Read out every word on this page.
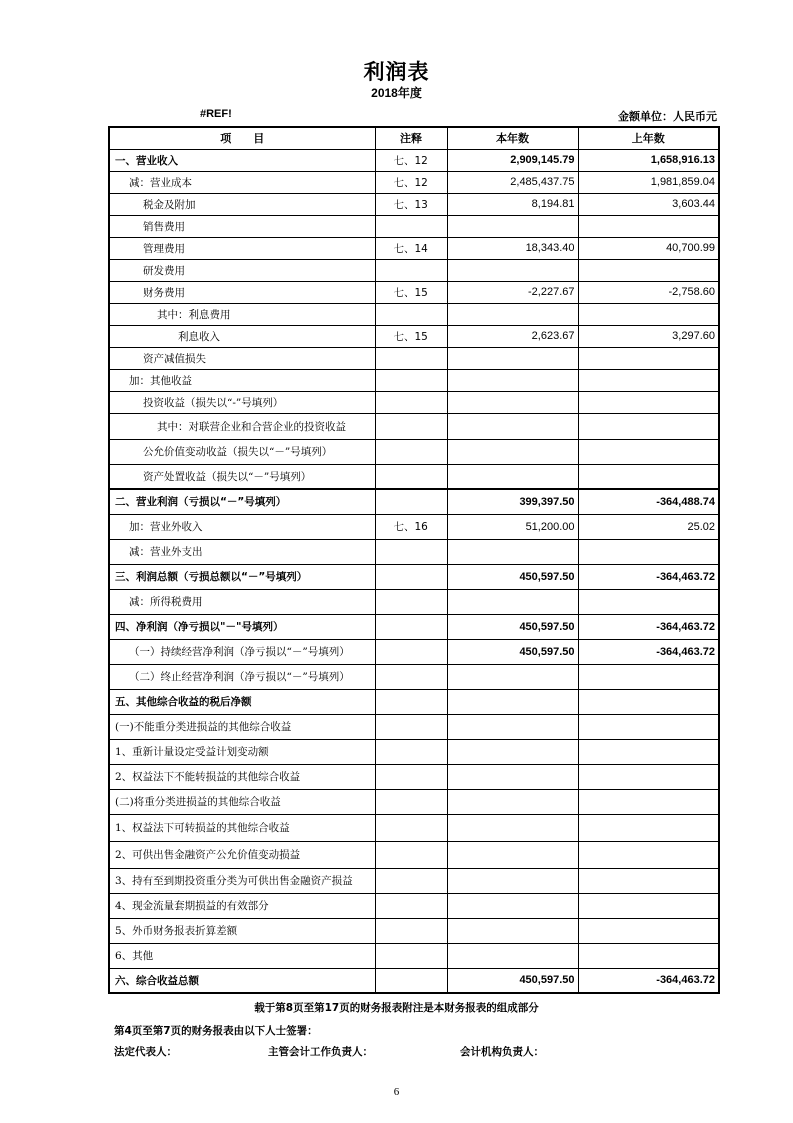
利润表
2018年度
#REF!	金额单位：人民币元
项　　目	注释	本年数	上年数
一、营业收入	七、12	2,909,145.79	1,658,916.13
减：营业成本	七、12	2,485,437.75	1,981,859.04
税金及附加	七、13	8,194.81	3,603.44
销售费用			
管理费用	七、14	18,343.40	40,700.99
研发费用			
财务费用	七、15	-2,227.67	-2,758.60
其中：利息费用			
利息收入	七、15	2,623.67	3,297.60
资产减值损失			
加：其他收益			
投资收益（损失以“-”号填列）			
其中：对联营企业和合营企业的投资收益			
公允价值变动收益（损失以“－”号填列）			
资产处置收益（损失以“－”号填列）			
二、营业利润（亏损以“－”号填列）		399,397.50	-364,488.74
加：营业外收入	七、16	51,200.00	25.02
减：营业外支出			
三、利润总额（亏损总额以“－”号填列）		450,597.50	-364,463.72
减：所得税费用			
四、净利润（净亏损以"－"号填列）		450,597.50	-364,463.72
（一）持续经营净利润（净亏损以“－”号填列）		450,597.50	-364,463.72
（二）终止经营净利润（净亏损以“－”号填列）			
五、其他综合收益的税后净额			
(一)不能重分类进损益的其他综合收益			
1、重新计量设定受益计划变动额			
2、权益法下不能转损益的其他综合收益			
(二)将重分类进损益的其他综合收益			
1、权益法下可转损益的其他综合收益			
2、可供出售金融资产公允价值变动损益			
3、持有至到期投资重分类为可供出售金融资产损益			
4、现金流量套期损益的有效部分			
5、外币财务报表折算差额			
6、其他			
六、综合收益总额		450,597.50	-364,463.72
载于第8页至第17页的财务报表附注是本财务报表的组成部分
第4页至第7页的财务报表由以下人士签署：
法定代表人：	主管会计工作负责人：	会计机构负责人：
6
